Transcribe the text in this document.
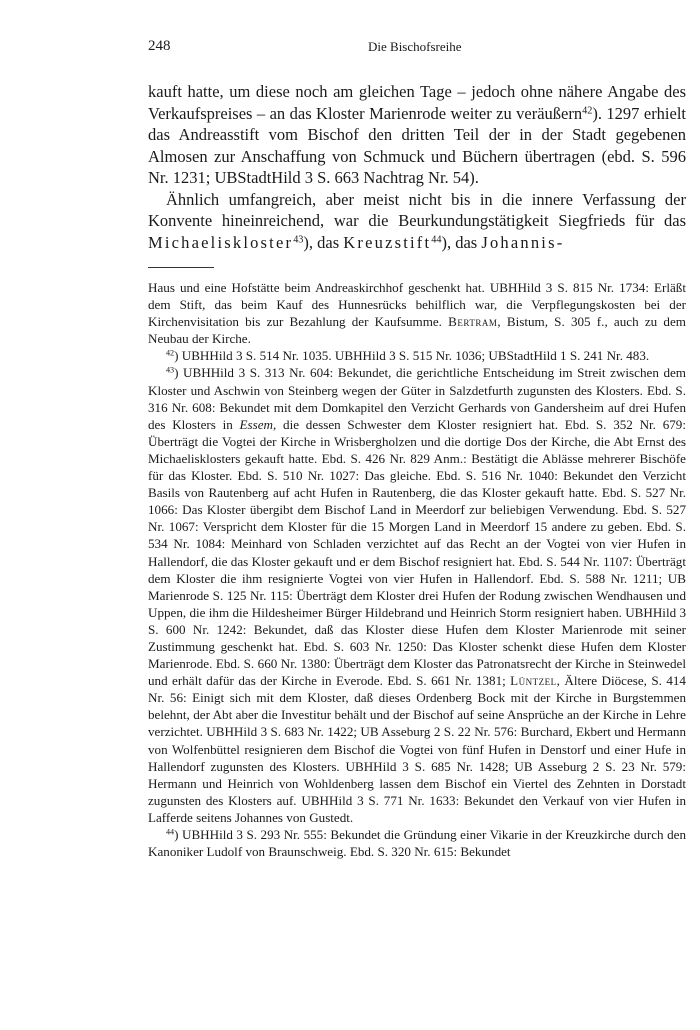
248	Die Bischofsreihe

kauft hatte, um diese noch am gleichen Tage – jedoch ohne nähere Angabe des Verkaufspreises – an das Kloster Marienrode weiter zu veräußern$^{42}$). 1297 erhielt das Andreasstift vom Bischof den dritten Teil der in der Stadt gegebenen Almosen zur Anschaffung von Schmuck und Büchern übertragen (ebd. S. 596 Nr. 1231; UBStadtHild 3 S. 663 Nachtrag Nr. 54).

Ähnlich umfangreich, aber meist nicht bis in die innere Verfassung der Konvente hineinreichend, war die Beurkundungstätigkeit Siegfrieds für das Michaeliskloster$^{43}$), das Kreuzstift$^{44}$), das Johannis-

Haus und eine Hofstätte beim Andreaskirchhof geschenkt hat. UBHHild 3 S. 815 Nr. 1734: Erläßt dem Stift, das beim Kauf des Hunnesrücks behilflich war, die Verpflegungskosten bei der Kirchenvisitation bis zur Bezahlung der Kaufsumme. Bertram, Bistum, S. 305 f., auch zu dem Neubau der Kirche.

$^{42}$) UBHHild 3 S. 514 Nr. 1035. UBHHild 3 S. 515 Nr. 1036; UBStadtHild 1 S. 241 Nr. 483.

$^{43}$) UBHHild 3 S. 313 Nr. 604: Bekundet, die gerichtliche Entscheidung im Streit zwischen dem Kloster und Aschwin von Steinberg wegen der Güter in Salzdetfurth zugunsten des Klosters. Ebd. S. 316 Nr. 608: Bekundet mit dem Domkapitel den Verzicht Gerhards von Gandersheim auf drei Hufen des Klosters in Essem, die dessen Schwester dem Kloster resigniert hat. Ebd. S. 352 Nr. 679: Überträgt die Vogtei der Kirche in Wrisbergholzen und die dortige Dos der Kirche, die Abt Ernst des Michaelisklosters gekauft hatte. Ebd. S. 426 Nr. 829 Anm.: Bestätigt die Ablässe mehrerer Bischöfe für das Kloster. Ebd. S. 510 Nr. 1027: Das gleiche. Ebd. S. 516 Nr. 1040: Bekundet den Verzicht Basils von Rautenberg auf acht Hufen in Rautenberg, die das Kloster gekauft hatte. Ebd. S. 527 Nr. 1066: Das Kloster übergibt dem Bischof Land in Meerdorf zur beliebigen Verwendung. Ebd. S. 527 Nr. 1067: Verspricht dem Kloster für die 15 Morgen Land in Meerdorf 15 andere zu geben. Ebd. S. 534 Nr. 1084: Meinhard von Schladen verzichtet auf das Recht an der Vogtei von vier Hufen in Hallendorf, die das Kloster gekauft und er dem Bischof resigniert hat. Ebd. S. 544 Nr. 1107: Überträgt dem Kloster die ihm resignierte Vogtei von vier Hufen in Hallendorf. Ebd. S. 588 Nr. 1211; UB Marienrode S. 125 Nr. 115: Überträgt dem Kloster drei Hufen der Rodung zwischen Wendhausen und Uppen, die ihm die Hildesheimer Bürger Hildebrand und Heinrich Storm resigniert haben. UBHHild 3 S. 600 Nr. 1242: Bekundet, daß das Kloster diese Hufen dem Kloster Marienrode mit seiner Zustimmung geschenkt hat. Ebd. S. 603 Nr. 1250: Das Kloster schenkt diese Hufen dem Kloster Marienrode. Ebd. S. 660 Nr. 1380: Überträgt dem Kloster das Patronatsrecht der Kirche in Steinwedel und erhält dafür das der Kirche in Everode. Ebd. S. 661 Nr. 1381; Lüntzel, Ältere Diöcese, S. 414 Nr. 56: Einigt sich mit dem Kloster, daß dieses Ordenberg Bock mit der Kirche in Burgstemmen belehnt, der Abt aber die Investitur behält und der Bischof auf seine Ansprüche an der Kirche in Lehre verzichtet. UBHHild 3 S. 683 Nr. 1422; UB Asseburg 2 S. 22 Nr. 576: Burchard, Ekbert und Hermann von Wolfenbüttel resignieren dem Bischof die Vogtei von fünf Hufen in Denstorf und einer Hufe in Hallendorf zugunsten des Klosters. UBHHild 3 S. 685 Nr. 1428; UB Asseburg 2 S. 23 Nr. 579: Hermann und Heinrich von Wohldenberg lassen dem Bischof ein Viertel des Zehnten in Dorstadt zugunsten des Klosters auf. UBHHild 3 S. 771 Nr. 1633: Bekundet den Verkauf von vier Hufen in Lafferde seitens Johannes von Gustedt.

$^{44}$) UBHHild 3 S. 293 Nr. 555: Bekundet die Gründung einer Vikarie in der Kreuzkirche durch den Kanoniker Ludolf von Braunschweig. Ebd. S. 320 Nr. 615: Bekundet
